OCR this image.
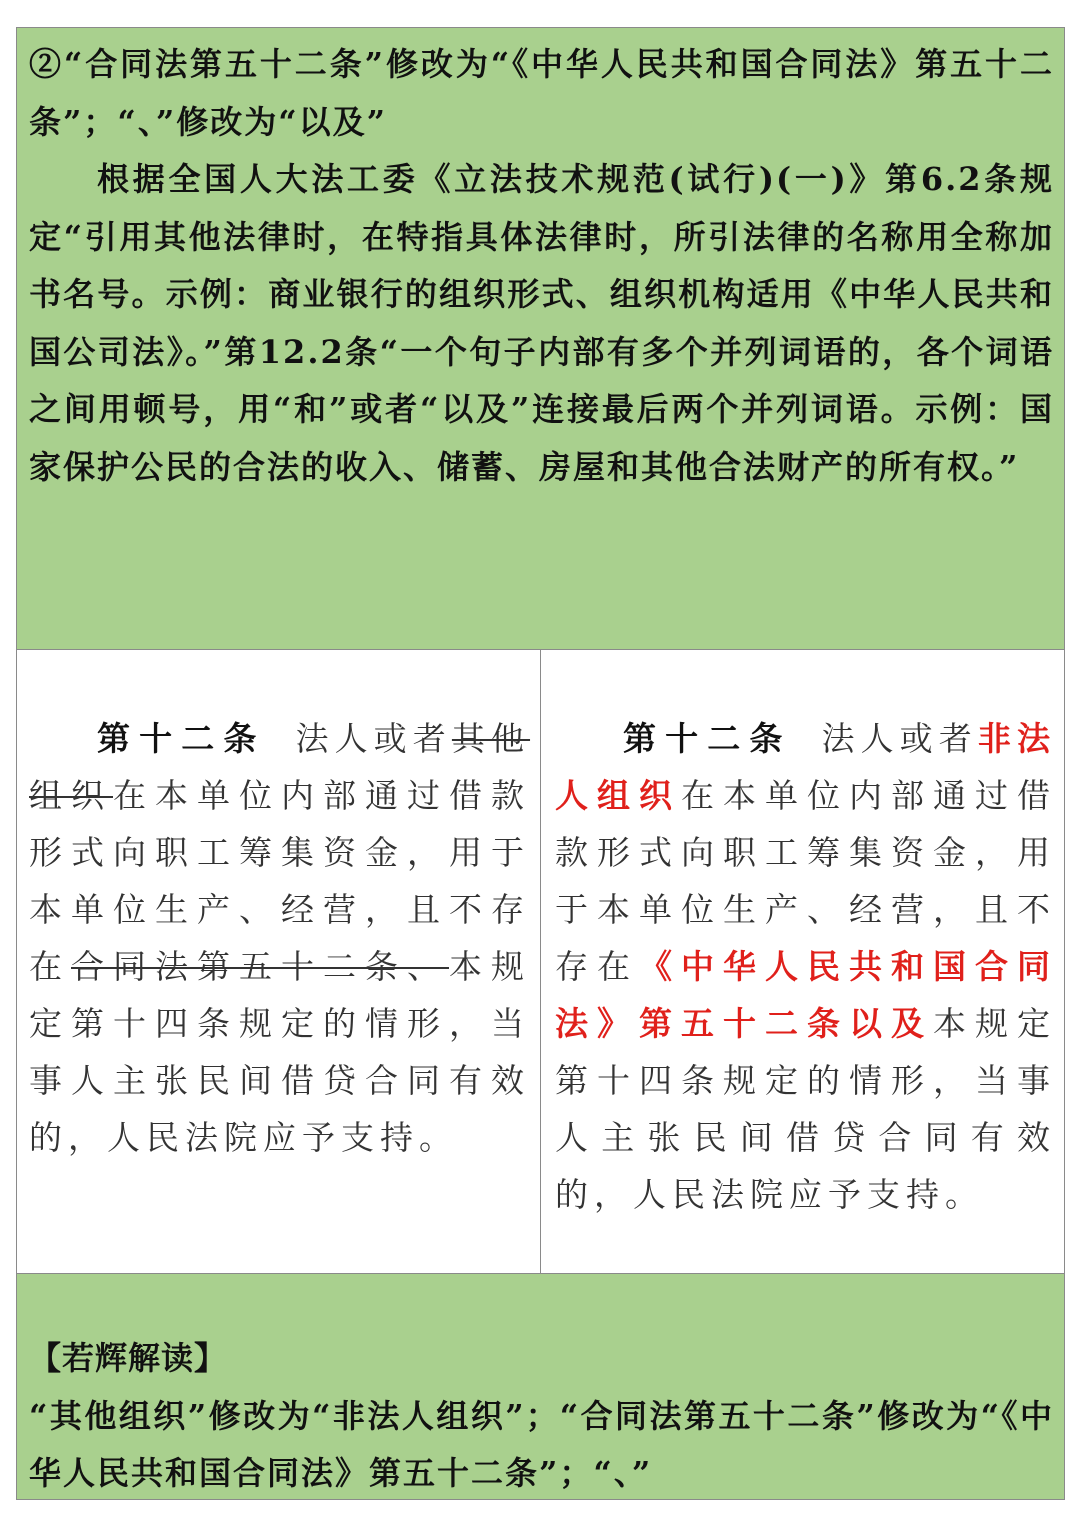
②“合同法第五十二条”修改为“《中华人民共和国合同法》第五十二条”；“、”修改为“以及”

根据全国人大法工委《立法技术规范(试行)(一)》第6.2条规定“引用其他法律时，在特指具体法律时，所引法律的名称用全称加书名号。示例：商业银行的组织形式、组织机构适用《中华人民共和国公司法》。”第12.2条“一个句子内部有多个并列词语的，各个词语之间用顿号，用“和”或者“以及”连接最后两个并列词语。示例：国家保护公民的合法的收入、储蓄、房屋和其他合法财产的所有权。”

第十二条 法人或者其他组织在本单位内部通过借款形式向职工筹集资金，用于本单位生产、经营，且不存在合同法第五十二条、本规定第十四条规定的情形，当事人主张民间借贷合同有效的，人民法院应予支持。

第十二条 法人或者非法人组织在本单位内部通过借款形式向职工筹集资金，用于本单位生产、经营，且不存在《中华人民共和国合同法》第五十二条以及本规定第十四条规定的情形，当事人主张民间借贷合同有效的，人民法院应予支持。

【若辉解读】

“其他组织”修改为“非法人组织”；“合同法第五十二条”修改为“《中华人民共和国合同法》第五十二条”；“、”
